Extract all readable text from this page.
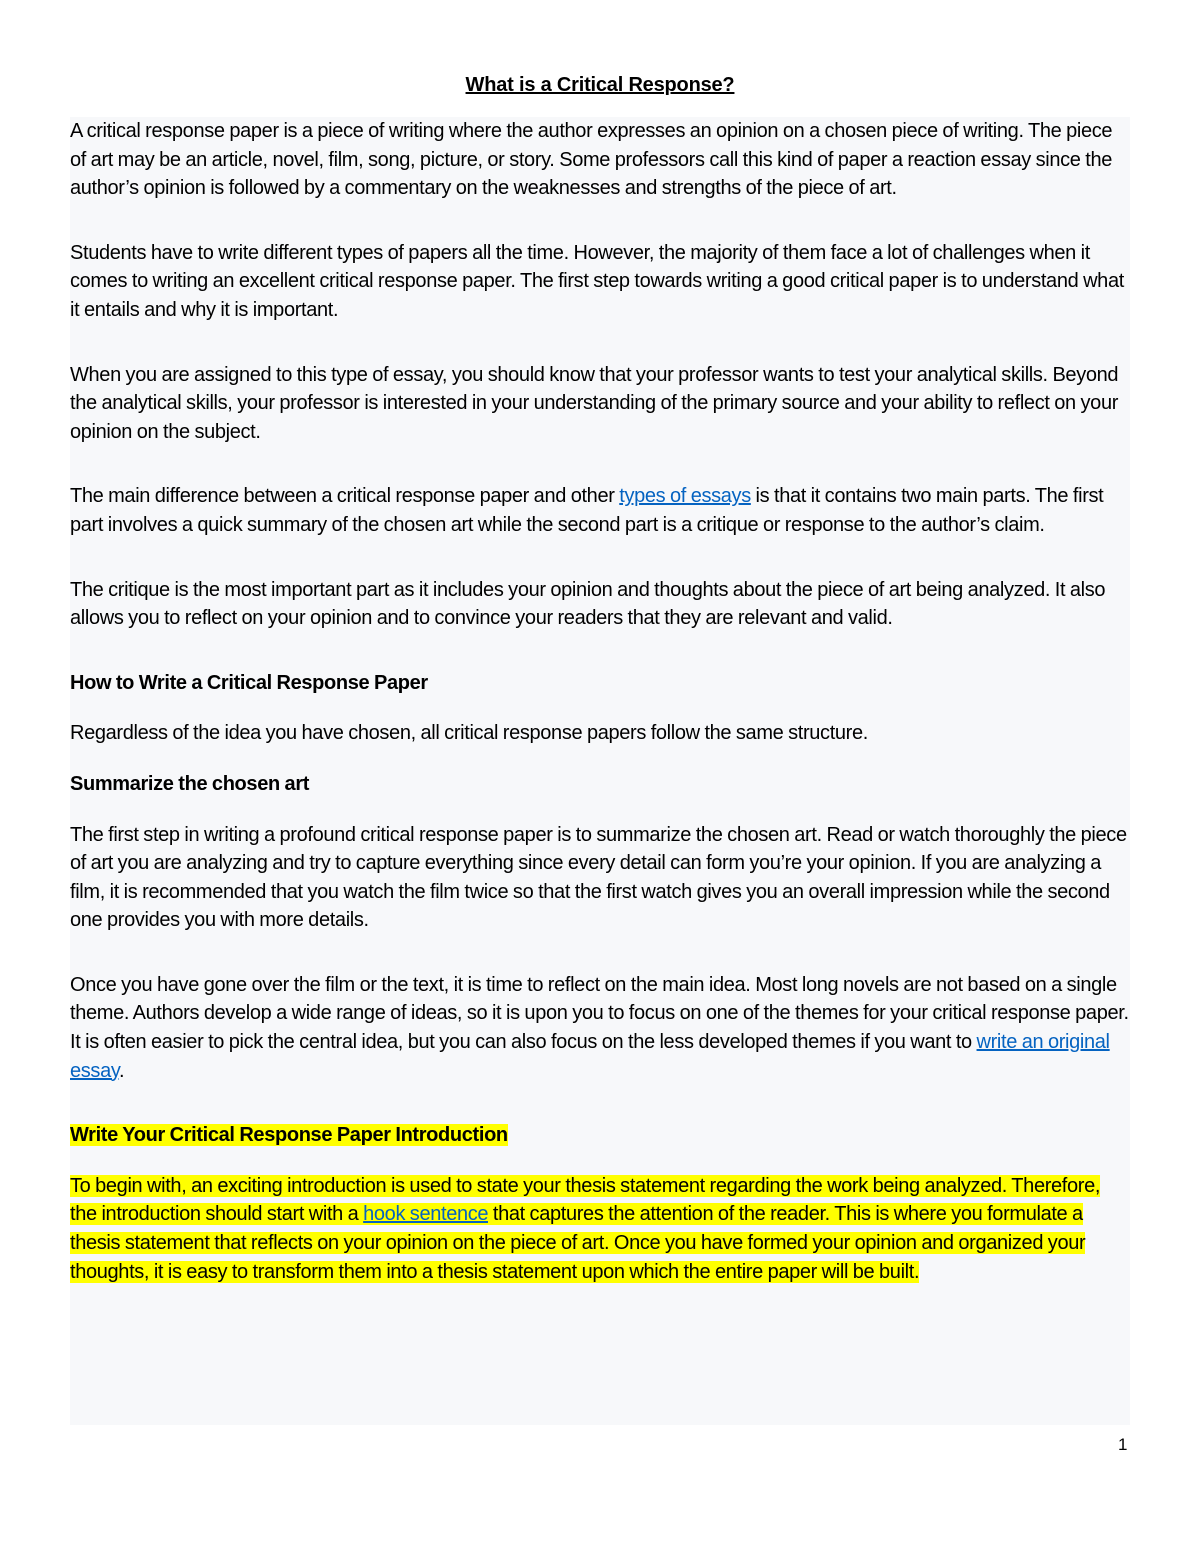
What is a Critical Response?

A critical response paper is a piece of writing where the author expresses an opinion on a chosen piece of writing. The piece of art may be an article, novel, film, song, picture, or story. Some professors call this kind of paper a reaction essay since the author’s opinion is followed by a commentary on the weaknesses and strengths of the piece of art.

Students have to write different types of papers all the time. However, the majority of them face a lot of challenges when it comes to writing an excellent critical response paper. The first step towards writing a good critical paper is to understand what it entails and why it is important.

When you are assigned to this type of essay, you should know that your professor wants to test your analytical skills. Beyond the analytical skills, your professor is interested in your understanding of the primary source and your ability to reflect on your opinion on the subject.

The main difference between a critical response paper and other types of essays is that it contains two main parts. The first part involves a quick summary of the chosen art while the second part is a critique or response to the author’s claim.

The critique is the most important part as it includes your opinion and thoughts about the piece of art being analyzed. It also allows you to reflect on your opinion and to convince your readers that they are relevant and valid.

How to Write a Critical Response Paper

Regardless of the idea you have chosen, all critical response papers follow the same structure.

Summarize the chosen art

The first step in writing a profound critical response paper is to summarize the chosen art. Read or watch thoroughly the piece of art you are analyzing and try to capture everything since every detail can form you’re your opinion. If you are analyzing a film, it is recommended that you watch the film twice so that the first watch gives you an overall impression while the second one provides you with more details.

Once you have gone over the film or the text, it is time to reflect on the main idea. Most long novels are not based on a single theme. Authors develop a wide range of ideas, so it is upon you to focus on one of the themes for your critical response paper. It is often easier to pick the central idea, but you can also focus on the less developed themes if you want to write an original essay.

Write Your Critical Response Paper Introduction

To begin with, an exciting introduction is used to state your thesis statement regarding the work being analyzed. Therefore, the introduction should start with a hook sentence that captures the attention of the reader. This is where you formulate a thesis statement that reflects on your opinion on the piece of art. Once you have formed your opinion and organized your thoughts, it is easy to transform them into a thesis statement upon which the entire paper will be built.

1
